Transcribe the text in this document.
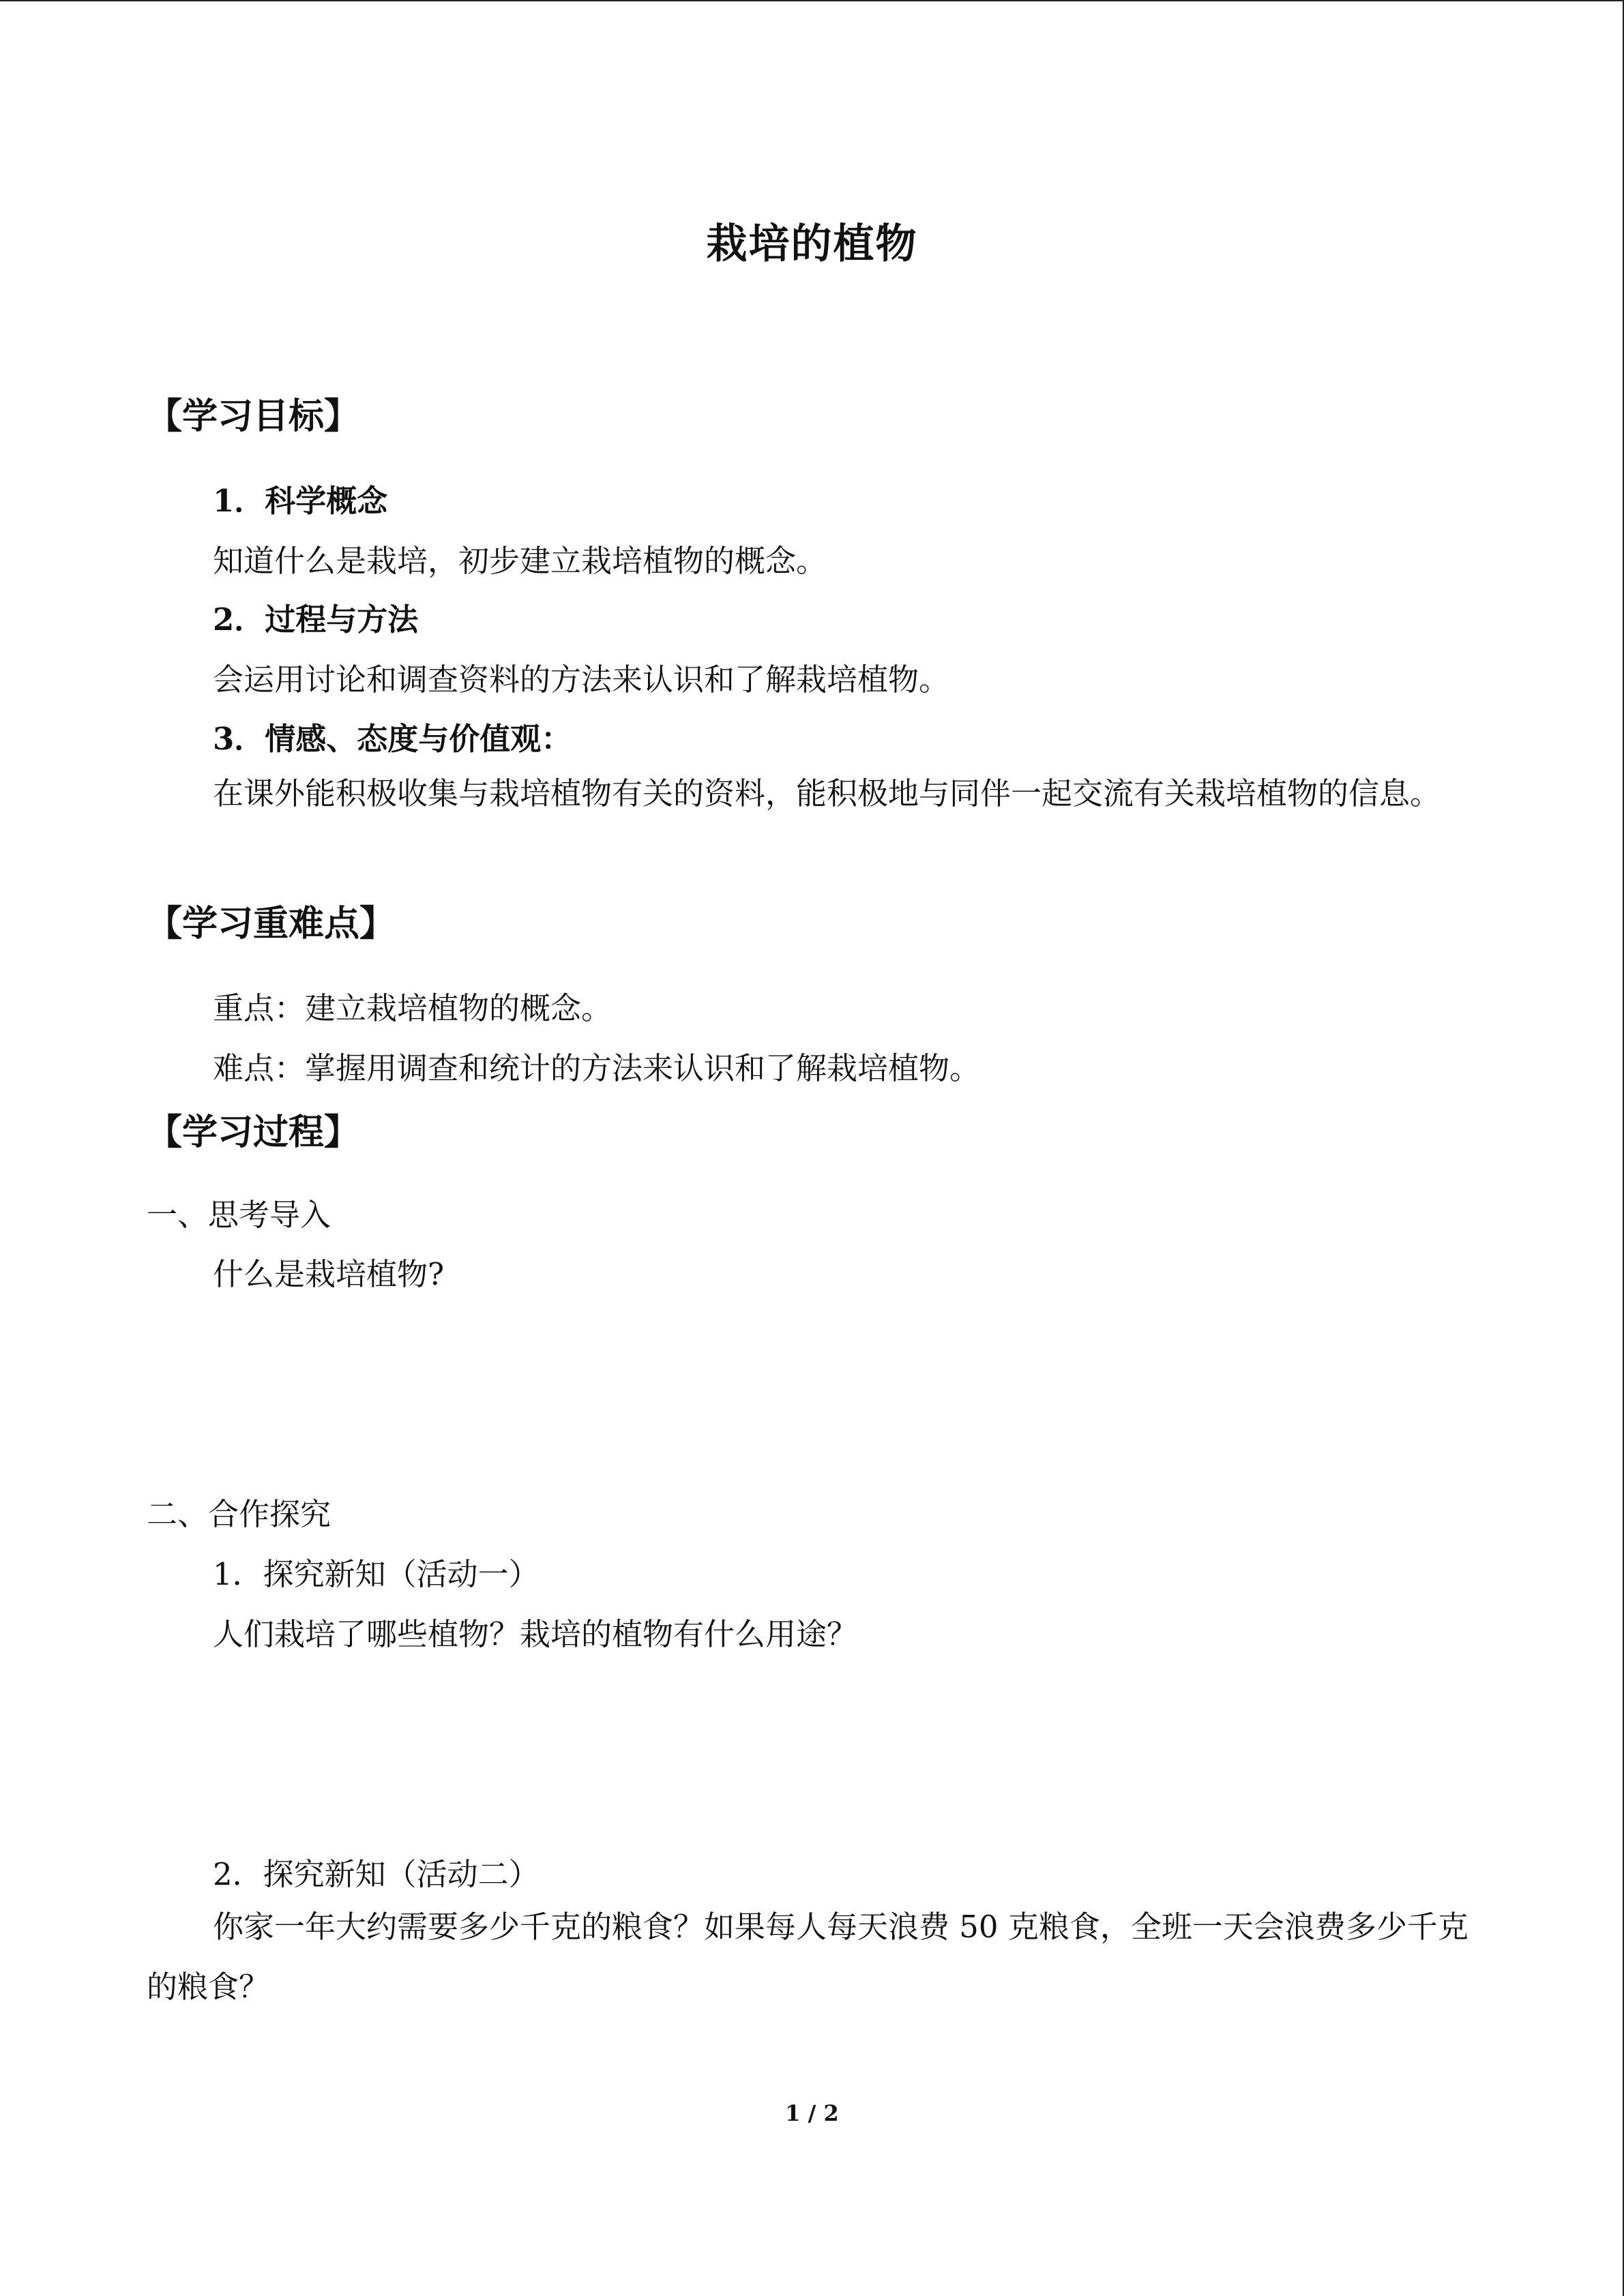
栽培的植物
【学习目标】
1．科学概念
知道什么是栽培，初步建立栽培植物的概念。
2．过程与方法
会运用讨论和调查资料的方法来认识和了解栽培植物。
3．情感、态度与价值观：
在课外能积极收集与栽培植物有关的资料，能积极地与同伴一起交流有关栽培植物的信息。
【学习重难点】
重点：建立栽培植物的概念。
难点：掌握用调查和统计的方法来认识和了解栽培植物。
【学习过程】
一、思考导入
什么是栽培植物?
二、合作探究
1．探究新知（活动一）
人们栽培了哪些植物？栽培的植物有什么用途？
2．探究新知（活动二）
你家一年大约需要多少千克的粮食？如果每人每天浪费 50 克粮食，全班一天会浪费多少千克的粮食？
1 / 2
